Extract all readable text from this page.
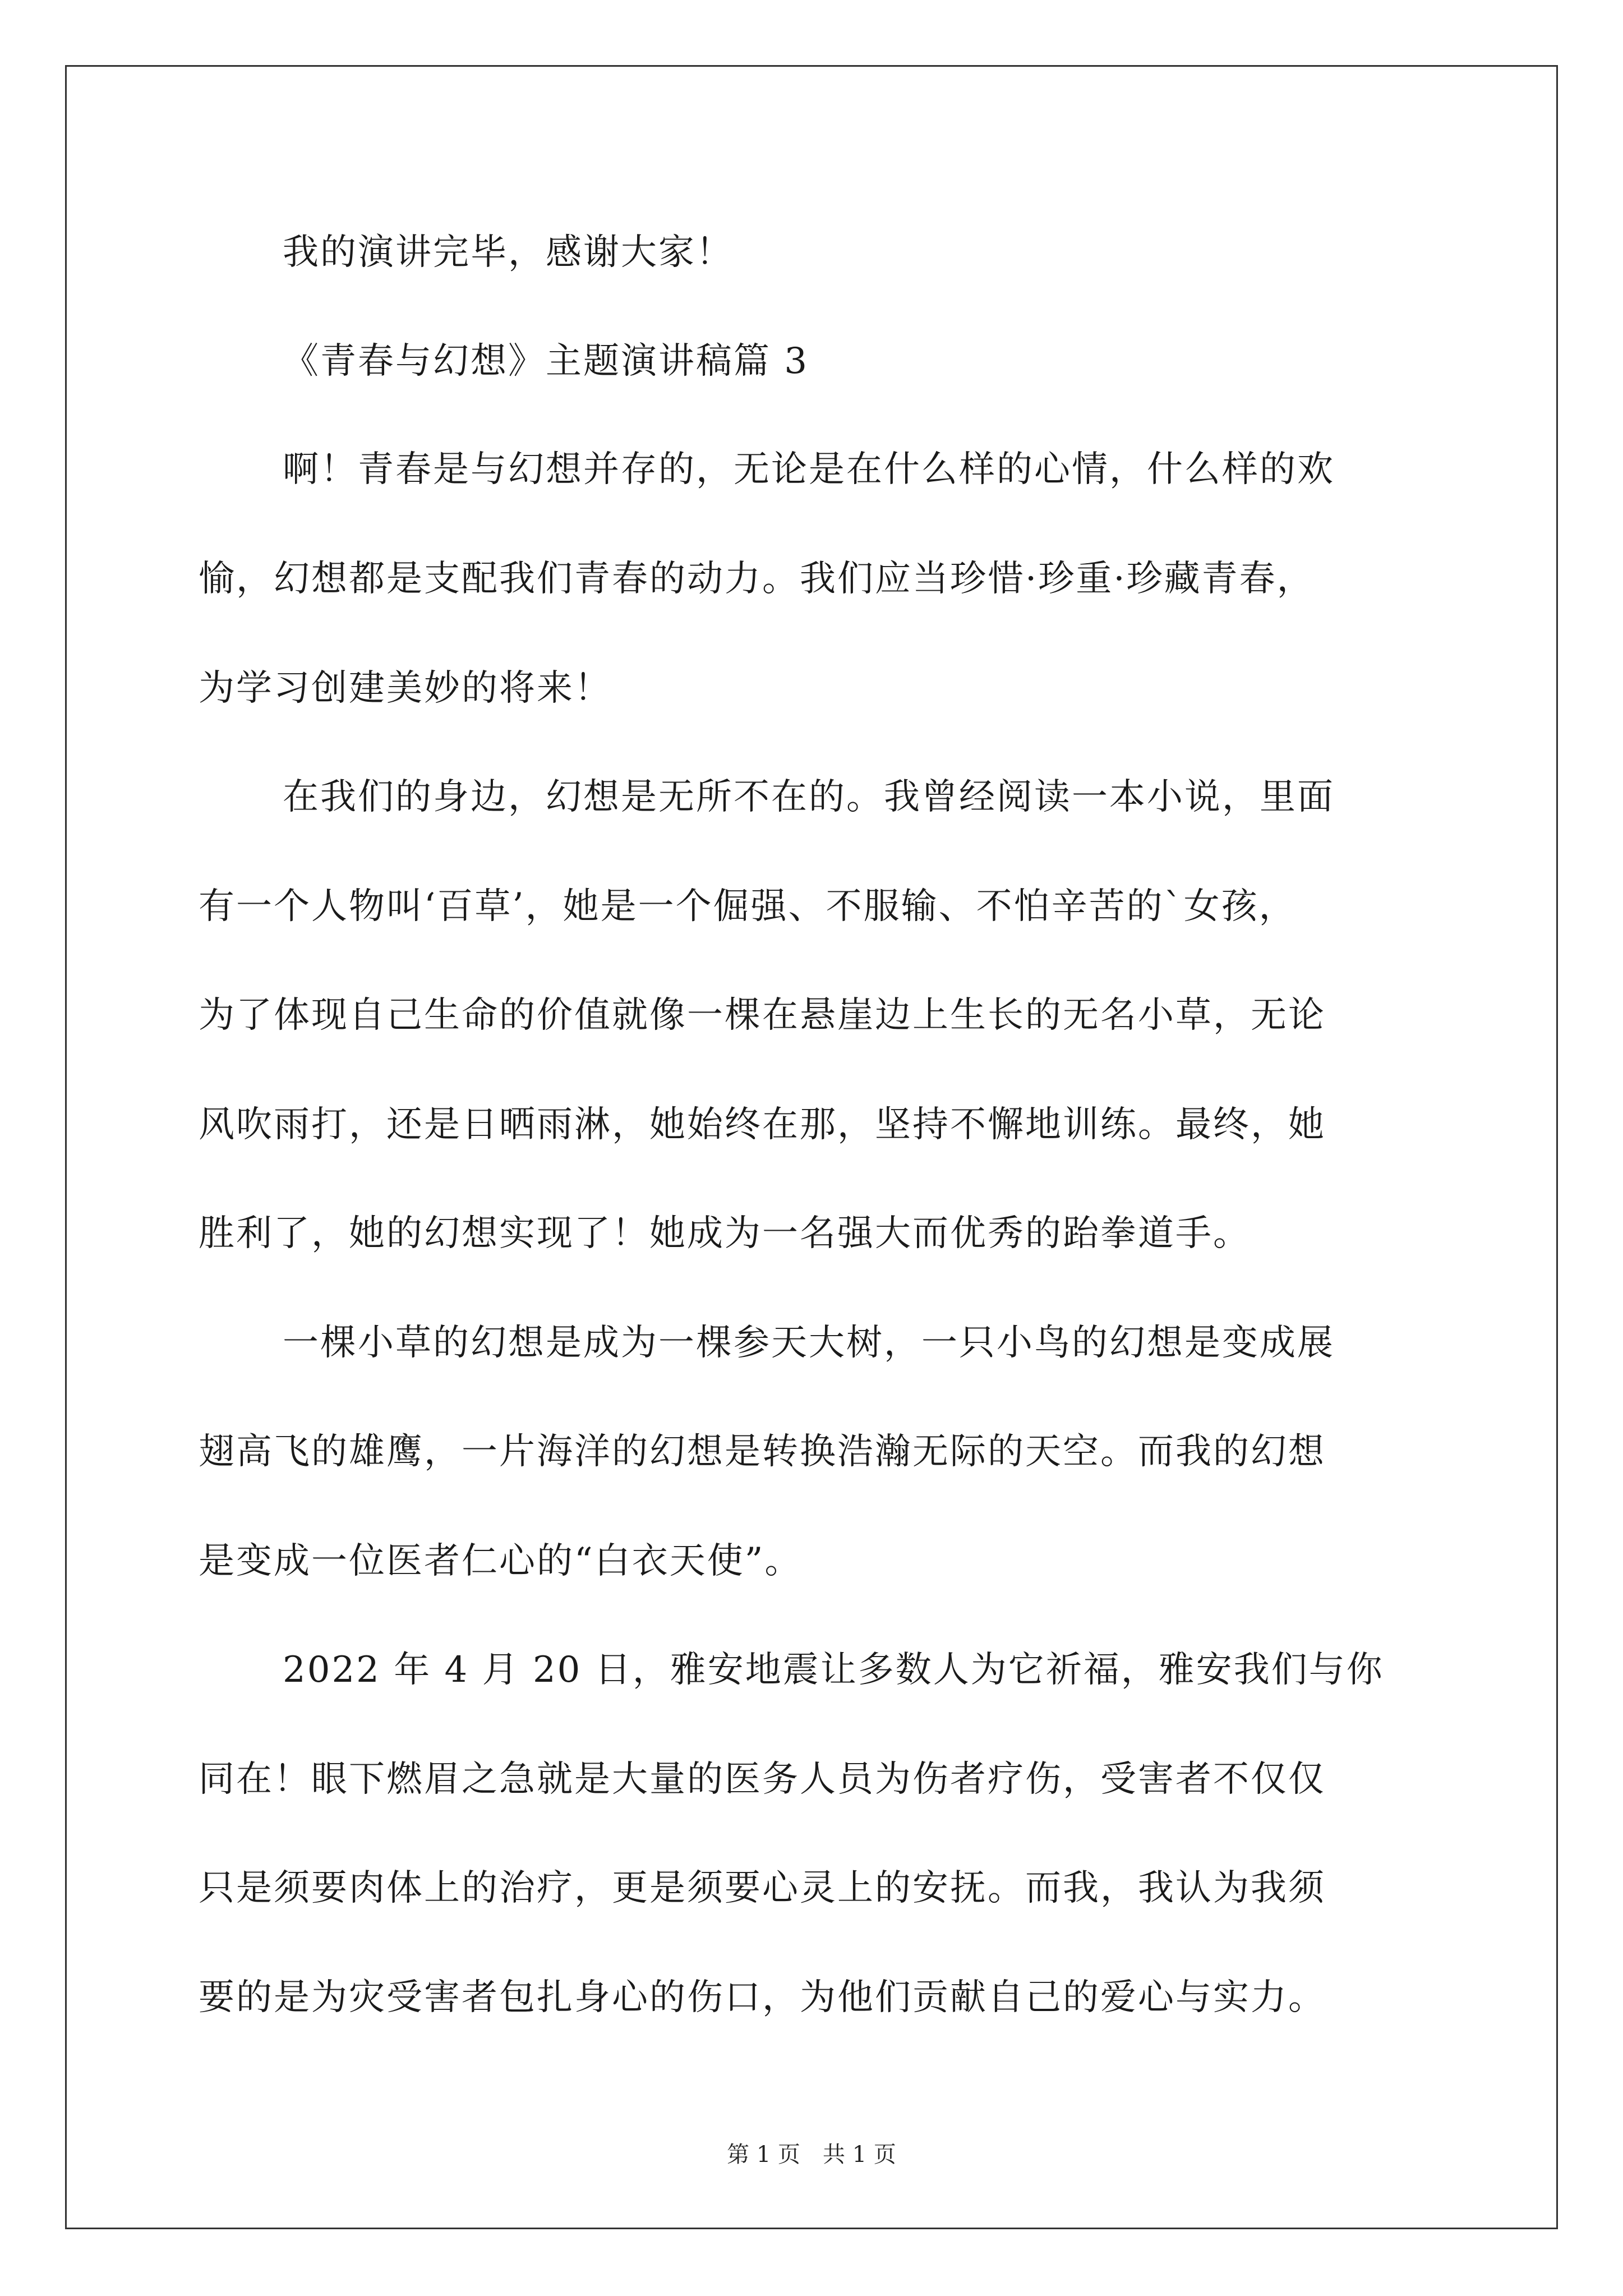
我的演讲完毕，感谢大家！
《青春与幻想》主题演讲稿篇 3
啊！青春是与幻想并存的，无论是在什么样的心情，什么样的欢
愉，幻想都是支配我们青春的动力。我们应当珍惜·珍重·珍藏青春，
为学习创建美妙的将来！
在我们的身边，幻想是无所不在的。我曾经阅读一本小说，里面
有一个人物叫‘百草’，她是一个倔强、不服输、不怕辛苦的`女孩，
为了体现自己生命的价值就像一棵在悬崖边上生长的无名小草，无论
风吹雨打，还是日晒雨淋，她始终在那，坚持不懈地训练。最终，她
胜利了，她的幻想实现了！她成为一名强大而优秀的跆拳道手。
一棵小草的幻想是成为一棵参天大树，一只小鸟的幻想是变成展
翅高飞的雄鹰，一片海洋的幻想是转换浩瀚无际的天空。而我的幻想
是变成一位医者仁心的“白衣天使”。
2022 年 4 月 20 日，雅安地震让多数人为它祈福，雅安我们与你
同在！眼下燃眉之急就是大量的医务人员为伤者疗伤，受害者不仅仅
只是须要肉体上的治疗，更是须要心灵上的安抚。而我，我认为我须
要的是为灾受害者包扎身心的伤口，为他们贡献自己的爱心与实力。
第 1 页　共 1 页
